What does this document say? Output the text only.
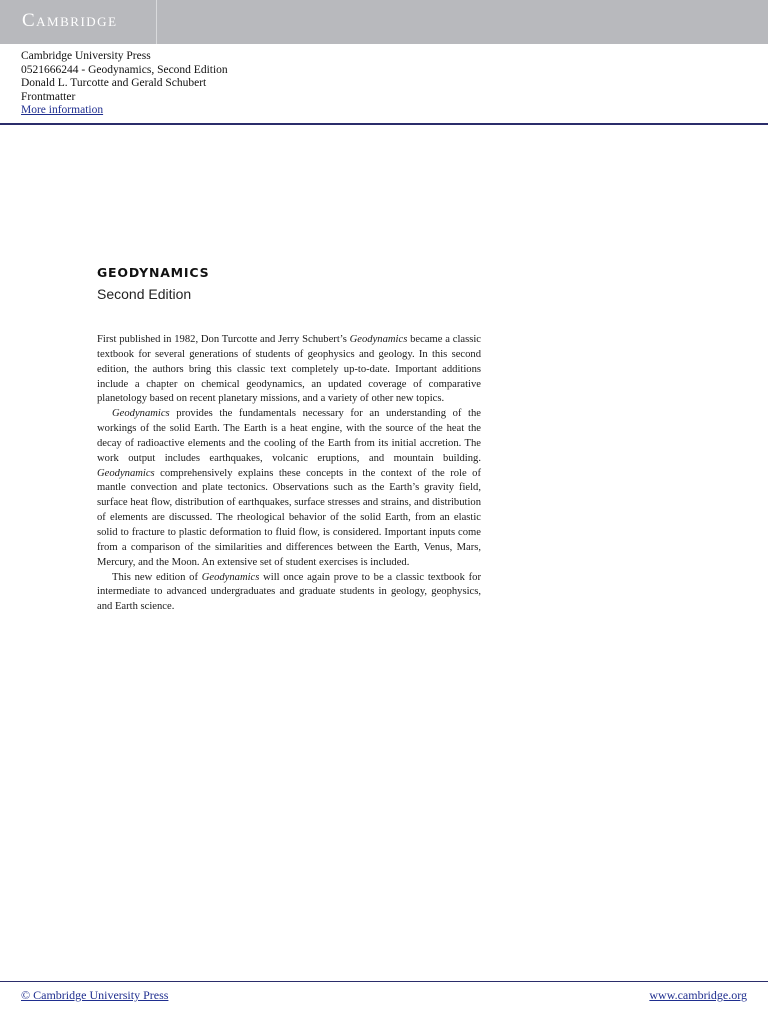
Cambridge
Cambridge University Press
0521666244 - Geodynamics, Second Edition
Donald L. Turcotte and Gerald Schubert
Frontmatter
More information
GEODYNAMICS
Second Edition

First published in 1982, Don Turcotte and Jerry Schubert’s Geodynamics became a classic textbook for several generations of students of geophysics and geology. In this second edition, the authors bring this classic text completely up-to-date. Important additions include a chapter on chemical geodynamics, an updated coverage of comparative planetology based on recent planetary missions, and a variety of other new topics.

Geodynamics provides the fundamentals necessary for an understanding of the workings of the solid Earth. The Earth is a heat engine, with the source of the heat the decay of radioactive elements and the cooling of the Earth from its initial accretion. The work output includes earthquakes, volcanic eruptions, and mountain building. Geodynamics comprehensively explains these concepts in the context of the role of mantle convection and plate tectonics. Observations such as the Earth’s gravity field, surface heat flow, distribution of earthquakes, surface stresses and strains, and distribution of elements are discussed. The rheological behavior of the solid Earth, from an elastic solid to fracture to plastic deformation to fluid flow, is considered. Important inputs come from a comparison of the similarities and differences between the Earth, Venus, Mars, Mercury, and the Moon. An extensive set of student exercises is included.

This new edition of Geodynamics will once again prove to be a classic textbook for intermediate to advanced undergraduates and graduate students in geology, geophysics, and Earth science.

© Cambridge University Press	www.cambridge.org
